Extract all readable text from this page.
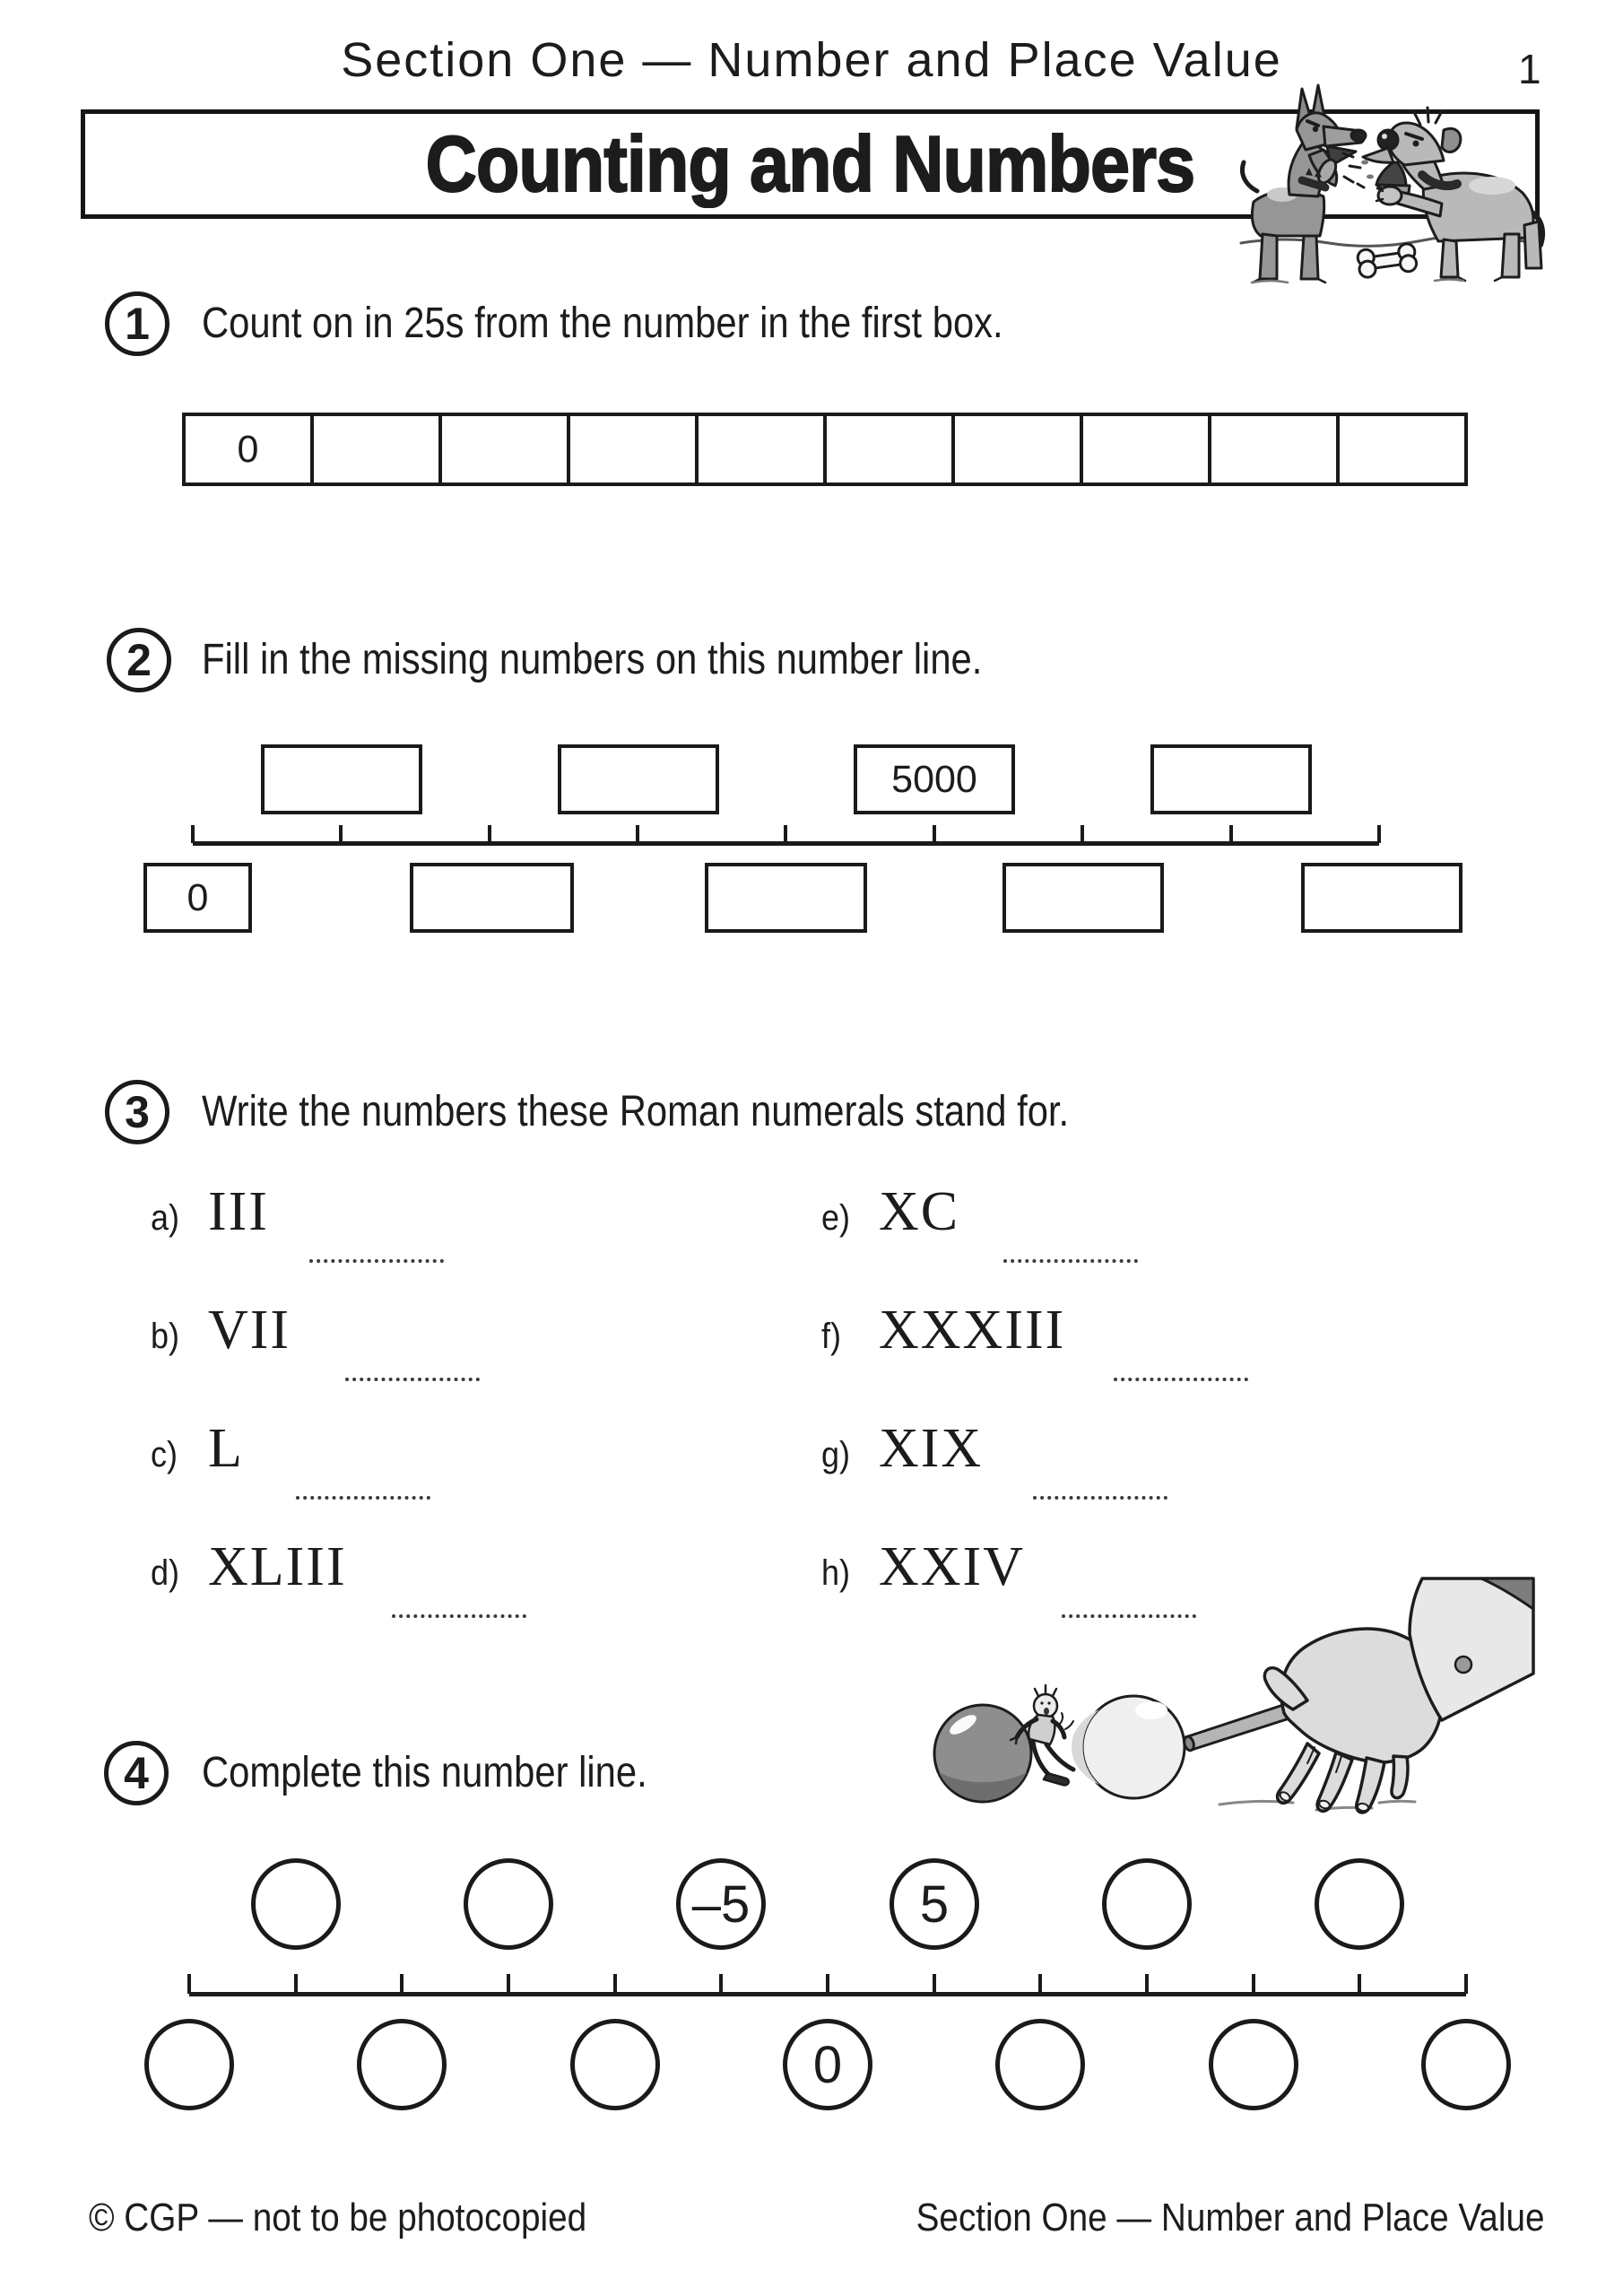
Section One — Number and Place Value	1
Counting and Numbers
1 Count on in 25s from the number in the first box.
0
2 Fill in the missing numbers on this number line.
5000
0
3 Write the numbers these Roman numerals stand for.
a) III
b) VII
c) L
d) XLIII
e) XC
f) XXXIII
g) XIX
h) XXIV
4 Complete this number line.
–5	5
0
© CGP — not to be photocopied	Section One — Number and Place Value
